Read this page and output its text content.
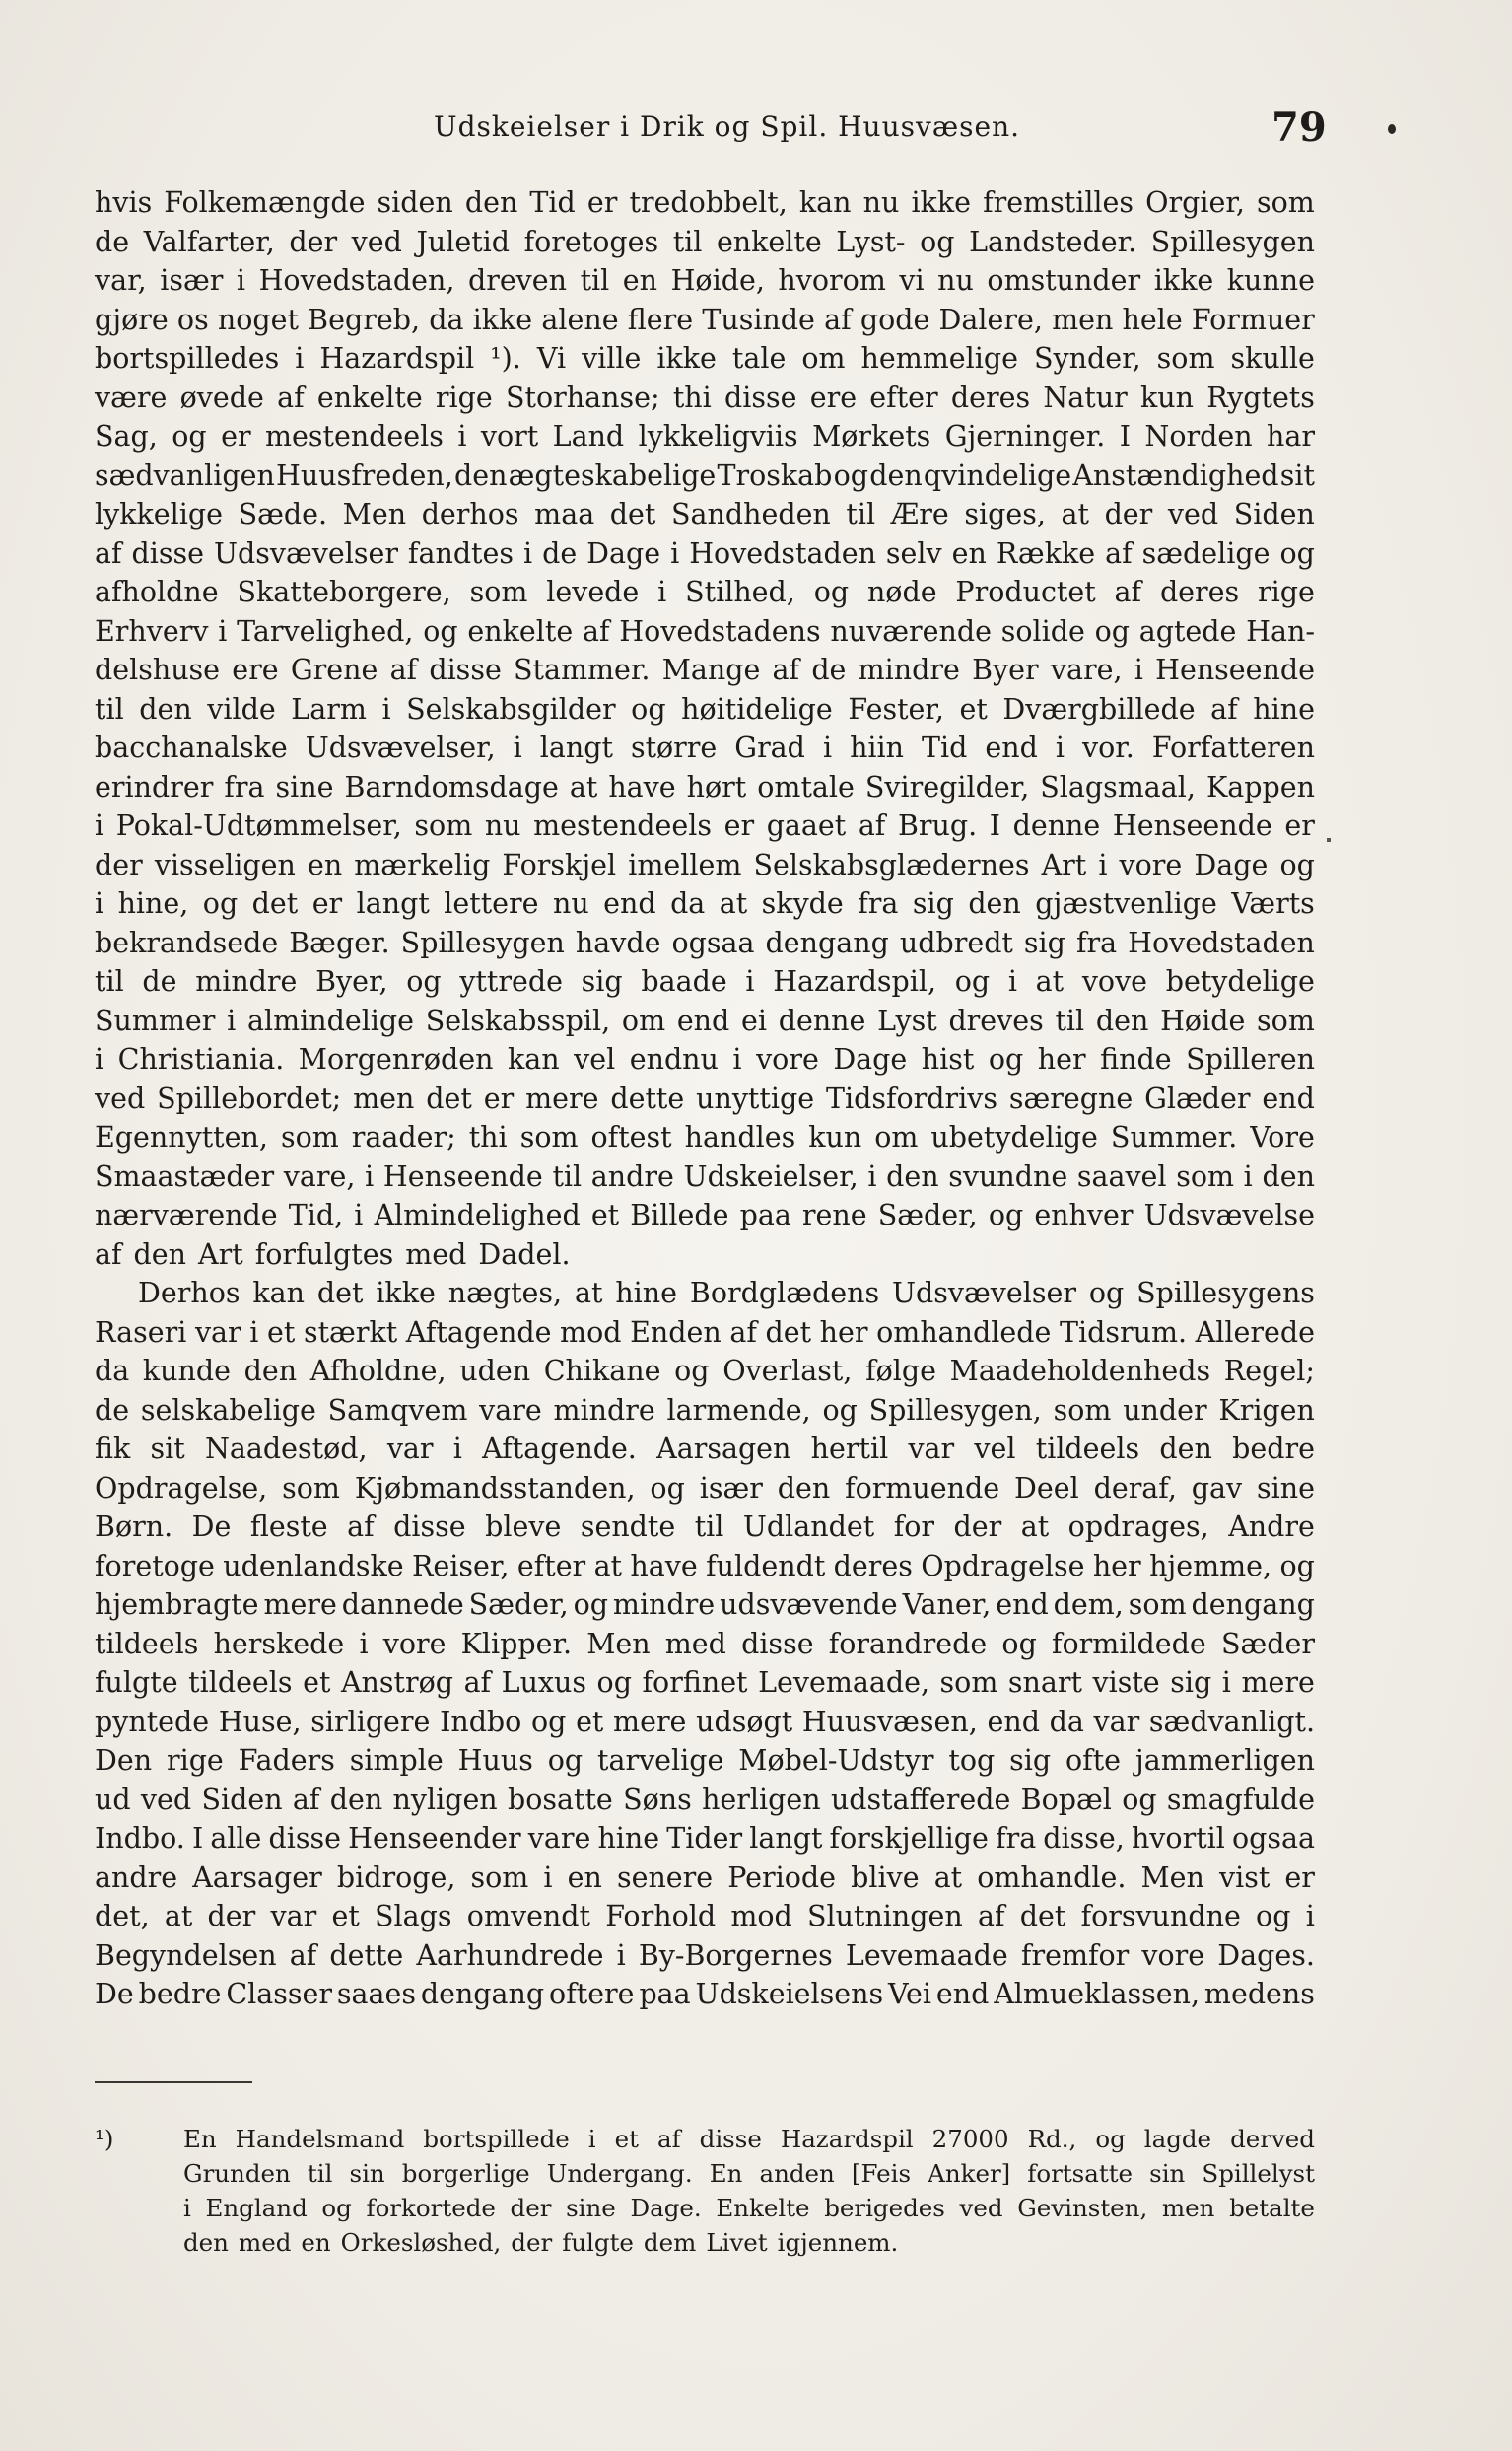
Udskeielser i Drik og Spil. Huusvæsen.	79
hvis Folkemængde siden den Tid er tredobbelt, kan nu ikke fremstilles Orgier, som
de Valfarter, der ved Juletid foretoges til enkelte Lyst- og Landsteder. Spillesygen
var, især i Hovedstaden, dreven til en Høide, hvorom vi nu omstunder ikke kunne
gjøre os noget Begreb, da ikke alene flere Tusinde af gode Dalere, men hele Formuer
bortspilledes i Hazardspil ¹). Vi ville ikke tale om hemmelige Synder, som skulle
være øvede af enkelte rige Storhanse; thi disse ere efter deres Natur kun Rygtets
Sag, og er mestendeels i vort Land lykkeligviis Mørkets Gjerninger. I Norden har
sædvanligen Huusfreden, den ægteskabelige Troskab og den qvindelige Anstændighed sit
lykkelige Sæde. Men derhos maa det Sandheden til Ære siges, at der ved Siden
af disse Udsvævelser fandtes i de Dage i Hovedstaden selv en Række af sædelige og
afholdne Skatteborgere, som levede i Stilhed, og nøde Productet af deres rige
Erhverv i Tarvelighed, og enkelte af Hovedstadens nuværende solide og agtede Han-
delshuse ere Grene af disse Stammer. Mange af de mindre Byer vare, i Henseende
til den vilde Larm i Selskabsgilder og høitidelige Fester, et Dværgbillede af hine
bacchanalske Udsvævelser, i langt større Grad i hiin Tid end i vor. Forfatteren
erindrer fra sine Barndomsdage at have hørt omtale Sviregilder, Slagsmaal, Kappen
i Pokal-Udtømmelser, som nu mestendeels er gaaet af Brug. I denne Henseende er
der visseligen en mærkelig Forskjel imellem Selskabsglædernes Art i vore Dage og
i hine, og det er langt lettere nu end da at skyde fra sig den gjæstvenlige Værts
bekrandsede Bæger. Spillesygen havde ogsaa dengang udbredt sig fra Hovedstaden
til de mindre Byer, og yttrede sig baade i Hazardspil, og i at vove betydelige
Summer i almindelige Selskabsspil, om end ei denne Lyst dreves til den Høide som
i Christiania. Morgenrøden kan vel endnu i vore Dage hist og her finde Spilleren
ved Spillebordet; men det er mere dette unyttige Tidsfordrivs særegne Glæder end
Egennytten, som raader; thi som oftest handles kun om ubetydelige Summer. Vore
Smaastæder vare, i Henseende til andre Udskeielser, i den svundne saavel som i den
nærværende Tid, i Almindelighed et Billede paa rene Sæder, og enhver Udsvævelse
af den Art forfulgtes med Dadel.
Derhos kan det ikke nægtes, at hine Bordglædens Udsvævelser og Spillesygens
Raseri var i et stærkt Aftagende mod Enden af det her omhandlede Tidsrum. Allerede
da kunde den Afholdne, uden Chikane og Overlast, følge Maadeholdenheds Regel;
de selskabelige Samqvem vare mindre larmende, og Spillesygen, som under Krigen
fik sit Naadestød, var i Aftagende. Aarsagen hertil var vel tildeels den bedre
Opdragelse, som Kjøbmandsstanden, og især den formuende Deel deraf, gav sine
Børn. De fleste af disse bleve sendte til Udlandet for der at opdrages, Andre
foretoge udenlandske Reiser, efter at have fuldendt deres Opdragelse her hjemme, og
hjembragte mere dannede Sæder, og mindre udsvævende Vaner, end dem, som dengang
tildeels herskede i vore Klipper. Men med disse forandrede og formildede Sæder
fulgte tildeels et Anstrøg af Luxus og forfinet Levemaade, som snart viste sig i mere
pyntede Huse, sirligere Indbo og et mere udsøgt Huusvæsen, end da var sædvanligt.
Den rige Faders simple Huus og tarvelige Møbel-Udstyr tog sig ofte jammerligen
ud ved Siden af den nyligen bosatte Søns herligen udstafferede Bopæl og smagfulde
Indbo. I alle disse Henseender vare hine Tider langt forskjellige fra disse, hvortil ogsaa
andre Aarsager bidroge, som i en senere Periode blive at omhandle. Men vist er
det, at der var et Slags omvendt Forhold mod Slutningen af det forsvundne og i
Begyndelsen af dette Aarhundrede i By-Borgernes Levemaade fremfor vore Dages.
De bedre Classer saaes dengang oftere paa Udskeielsens Vei end Almueklassen, medens
¹)	En Handelsmand bortspillede i et af disse Hazardspil 27000 Rd., og lagde derved
Grunden til sin borgerlige Undergang. En anden [Feis Anker] fortsatte sin Spillelyst
i England og forkortede der sine Dage. Enkelte berigedes ved Gevinsten, men betalte
den med en Orkesløshed, der fulgte dem Livet igjennem.
